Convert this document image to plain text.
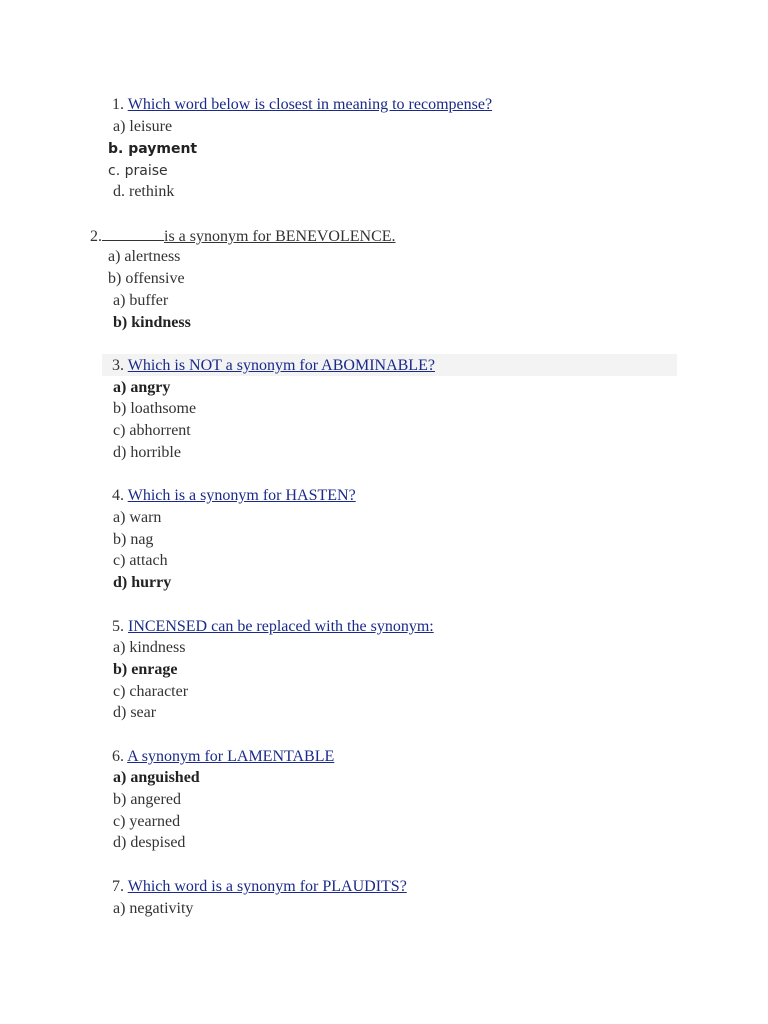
1. Which word below is closest in meaning to recompense?
a) leisure
b. payment
c. praise
d. rethink
2.	is a synonym for BENEVOLENCE.
a) alertness
b) offensive
a) buffer
b) kindness
3. Which is NOT a synonym for ABOMINABLE?
a) angry
b) loathsome
c) abhorrent
d) horrible
4. Which is a synonym for HASTEN?
a) warn
b) nag
c) attach
d) hurry
5. INCENSED can be replaced with the synonym:
a) kindness
b) enrage
c) character
d) sear
6. A synonym for LAMENTABLE
a) anguished
b) angered
c) yearned
d) despised
7. Which word is a synonym for PLAUDITS?
a) negativity
